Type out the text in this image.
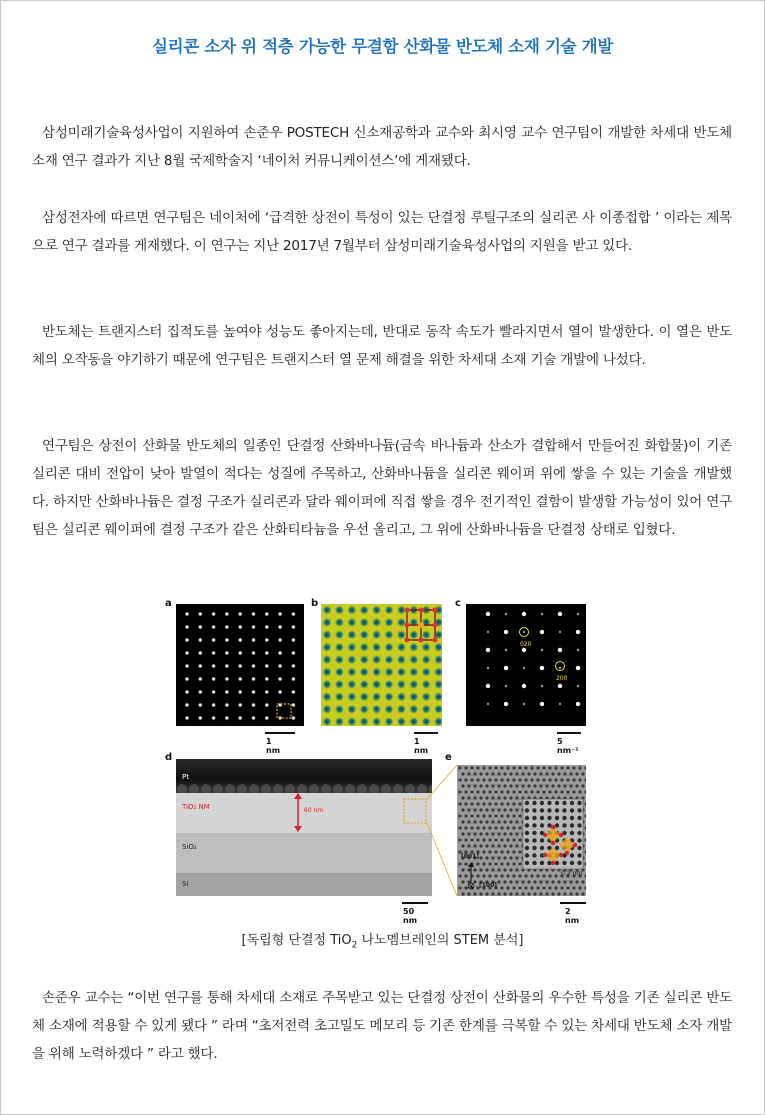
실리콘 소자 위 적층 가능한 무결함 산화물 반도체 소재 기술 개발
삼성미래기술육성사업이 지원하여 손준우 POSTECH 신소재공학과 교수와 최시영 교수 연구팀이 개발한 차세대 반도체 소재 연구 결과가 지난 8월 국제학술지 ‘네이처 커뮤니케이션스’에 게재됐다.
삼성전자에 따르면 연구팀은 네이처에 ‘급격한 상전이 특성이 있는 단결정 루틸구조의 실리콘 사 이종접합 ’ 이라는 제목으로 연구 결과를 게재했다. 이 연구는 지난 2017년 7월부터 삼성미래기술육성사업의 지원을 받고 있다.
반도체는 트랜지스터 집적도를 높여야 성능도 좋아지는데, 반대로 동작 속도가 빨라지면서 열이 발생한다. 이 열은 반도체의 오작동을 야기하기 때문에 연구팀은 트랜지스터 열 문제 해결을 위한 차세대 소재 기술 개발에 나섰다.
연구팀은 상전이 산화물 반도체의 일종인 단결정 산화바나듐(금속 바나듐과 산소가 결합해서 만들어진 화합물)이 기존 실리콘 대비 전압이 낮아 발열이 적다는 성질에 주목하고, 산화바나듐을 실리콘 웨이퍼 위에 쌓을 수 있는 기술을 개발했다. 하지만 산화바나듐은 결정 구조가 실리콘과 달라 웨이퍼에 직접 쌓을 경우 전기적인 결함이 발생할 가능성이 있어 연구팀은 실리콘 웨이퍼에 결정 구조가 같은 산화티타늄을 우선 올리고, 그 위에 산화바나듐을 단결정 상태로 입혔다.
손준우 교수는 “이번 연구를 통해 차세대 소재로 주목받고 있는 단결정 상전이 산화물의 우수한 특성을 기존 실리콘 반도체 소재에 적용할 수 있게 됐다 ” 라며 “초저전력 초고밀도 메모리 등 기존 한계를 극복할 수 있는 차세대 반도체 소자 개발을 위해 노력하겠다 ” 라고 했다.
a
1 nm
b
1 nm
c
020
200
5 nm⁻¹
d
Pt
TiO₂ NM
SiO₂
Si
60 nm
50 nm
e
[001]
[100]
0.2 nm
2 nm
[독립형 단결정 TiO$_2$ 나노멤브레인의 STEM 분석]
